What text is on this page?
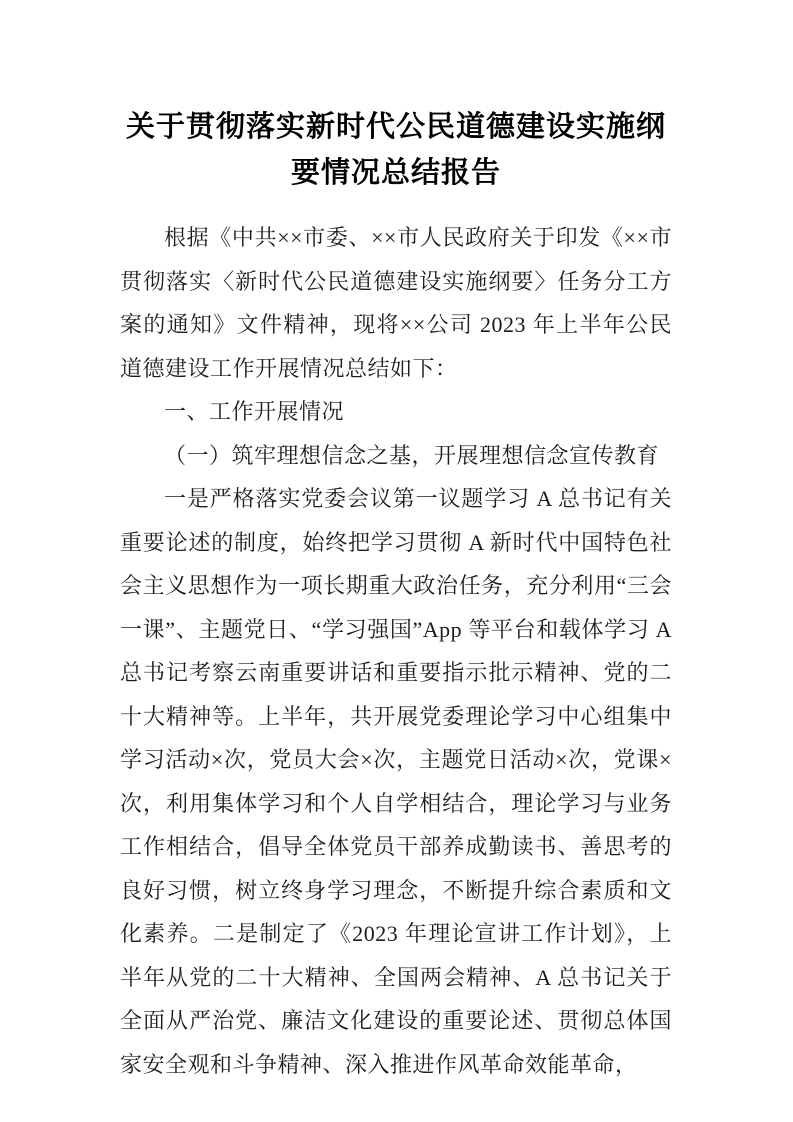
关于贯彻落实新时代公民道德建设实施纲
要情况总结报告

根据《中共××市委、××市人民政府关于印发《××市贯彻落实〈新时代公民道德建设实施纲要〉任务分工方案的通知》文件精神，现将××公司 2023 年上半年公民道德建设工作开展情况总结如下：

一、工作开展情况

（一）筑牢理想信念之基，开展理想信念宣传教育

一是严格落实党委会议第一议题学习 A 总书记有关重要论述的制度，始终把学习贯彻 A 新时代中国特色社会主义思想作为一项长期重大政治任务，充分利用“三会一课”、主题党日、“学习强国”App 等平台和载体学习 A 总书记考察云南重要讲话和重要指示批示精神、党的二十大精神等。上半年，共开展党委理论学习中心组集中学习活动×次，党员大会×次，主题党日活动×次，党课×次，利用集体学习和个人自学相结合，理论学习与业务工作相结合，倡导全体党员干部养成勤读书、善思考的良好习惯，树立终身学习理念，不断提升综合素质和文化素养。二是制定了《2023 年理论宣讲工作计划》，上半年从党的二十大精神、全国两会精神、A 总书记关于全面从严治党、廉洁文化建设的重要论述、贯彻总体国家安全观和斗争精神、深入推进作风革命效能革命，
